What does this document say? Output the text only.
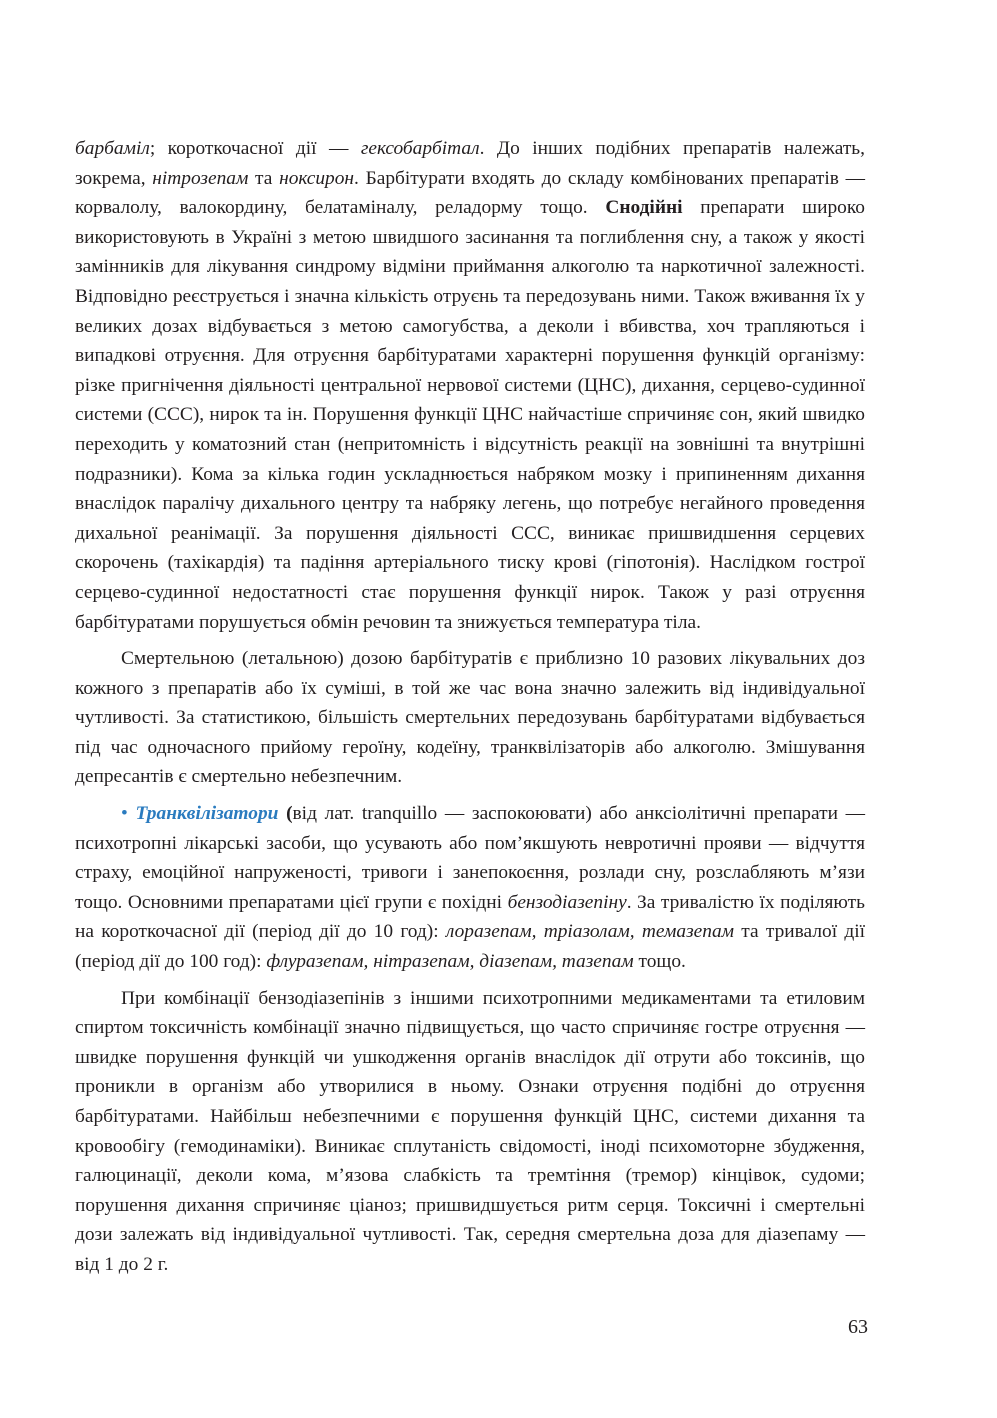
барбаміл; короткочасної дії — гексобарбітал. До інших подібних препаратів належать, зокрема, нітрозепам та ноксирон. Барбітурати входять до складу комбінованих препаратів — корвалолу, валокордину, белатаміналу, реладорму тощо. Снодійні препарати широко використовують в Україні з метою швидшого засинання та поглиблення сну, а також у якості замінників для лікування синдрому відміни приймання алкоголю та наркотичної залежності. Відповідно реєструється і значна кількість отруєнь та передозувань ними. Також вживання їх у великих дозах відбувається з метою самогубства, а деколи і вбивства, хоч трапляються і випадкові отруєння. Для отруєння барбітуратами характерні порушення функцій організму: різке пригнічення діяльності центральної нервової системи (ЦНС), дихання, серцево-судинної системи (ССС), нирок та ін. Порушення функції ЦНС найчастіше спричиняє сон, який швидко переходить у коматозний стан (непритомність і відсутність реакції на зовнішні та внутрішні подразники). Кома за кілька годин ускладнюється набряком мозку і припиненням дихання внаслідок паралічу дихального центру та набряку легень, що потребує негайного проведення дихальної реанімації. За порушення діяльності ССС, виникає пришвидшення серцевих скорочень (тахікардія) та падіння артеріального тиску крові (гіпотонія). Наслідком гострої серцево-судинної недостатності стає порушення функції нирок. Також у разі отруєння барбітуратами порушується обмін речовин та знижується температура тіла.

Смертельною (летальною) дозою барбітуратів є приблизно 10 разових лікувальних доз кожного з препаратів або їх суміші, в той же час вона значно залежить від індивідуальної чутливості. За статистикою, більшість смертельних передозувань барбітуратами відбувається під час одночасного прийому героїну, кодеїну, транквілізаторів або алкоголю. Змішування депресантів є смертельно небезпечним.

• Транквілізатори (від лат. tranquillo — заспокоювати) або анксіолітичні препарати — психотропні лікарські засоби, що усувають або пом’якшують невротичні прояви — відчуття страху, емоційної напруженості, тривоги і занепокоєння, розлади сну, розслабляють м’язи тощо. Основними препаратами цієї групи є похідні бензодіазепіну. За тривалістю їх поділяють на короткочасної дії (період дії до 10 год): лоразепам, тріазолам, темазепам та тривалої дії (період дії до 100 год): флуразепам, нітразепам, діазепам, тазепам тощо.

При комбінації бензодіазепінів з іншими психотропними медикаментами та етиловим спиртом токсичність комбінації значно підвищується, що часто спричиняє гостре отруєння — швидке порушення функцій чи ушкодження органів внаслідок дії отрути або токсинів, що проникли в організм або утворилися в ньому. Ознаки отруєння подібні до отруєння барбітуратами. Найбільш небезпечними є порушення функцій ЦНС, системи дихання та кровообігу (гемодинаміки). Виникає сплутаність свідомості, іноді психомоторне збудження, галюцинації, деколи кома, м’язова слабкість та тремтіння (тремор) кінцівок, судоми; порушення дихання спричиняє ціаноз; пришвидшується ритм серця. Токсичні і смертельні дози залежать від індивідуальної чутливості. Так, середня смертельна доза для діазепаму — від 1 до 2 г.

63
